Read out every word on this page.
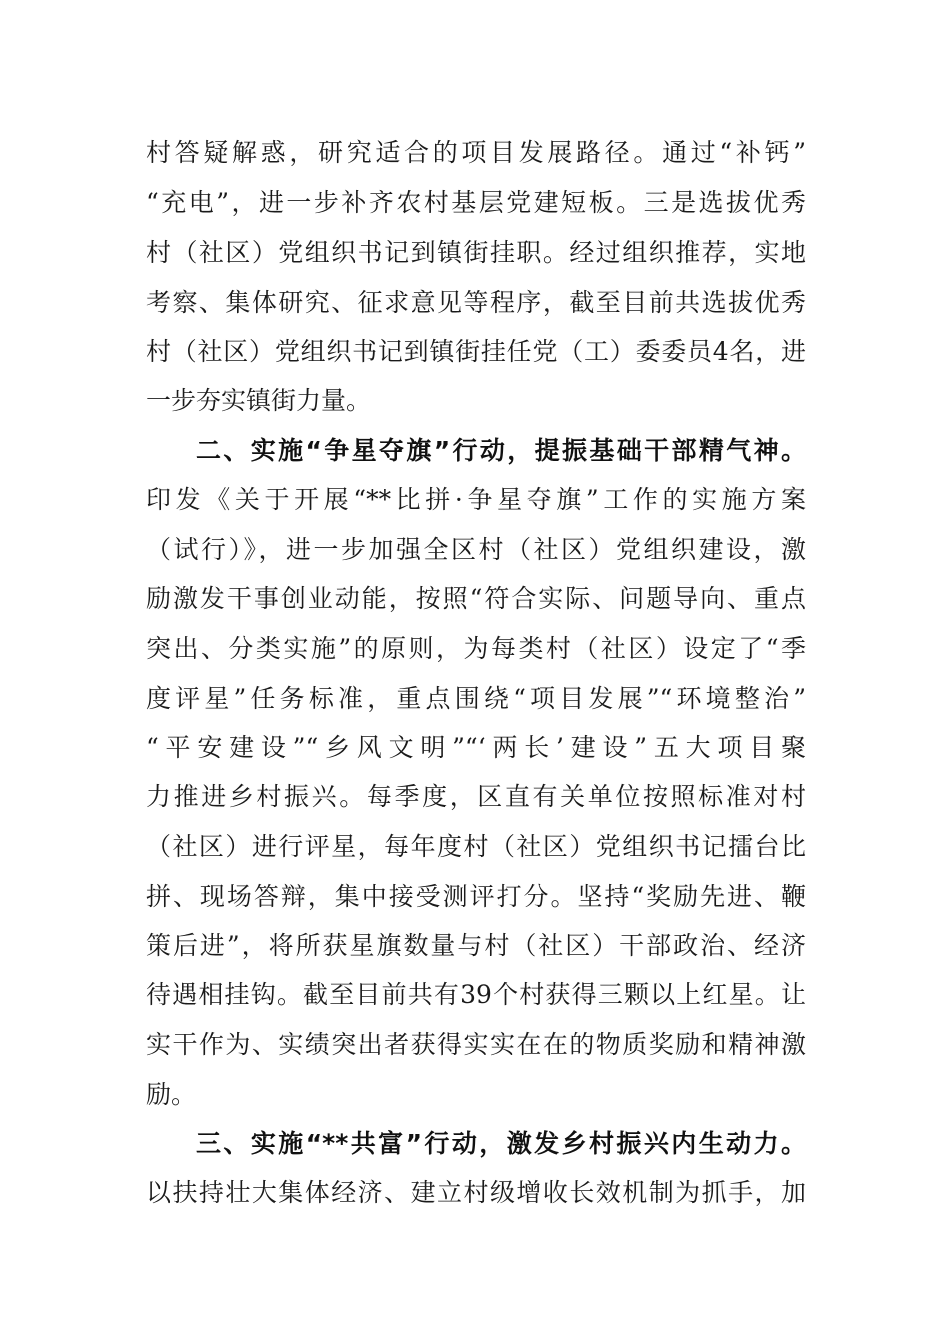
村答疑解惑，研究适合的项目发展路径。通过“补钙”
“充电”，进一步补齐农村基层党建短板。三是选拔优秀
村（社区）党组织书记到镇街挂职。经过组织推荐，实地
考察、集体研究、征求意见等程序，截至目前共选拔优秀
村（社区）党组织书记到镇街挂任党（工）委委员4名，进
一步夯实镇街力量。
二、实施“争星夺旗”行动，提振基础干部精气神。
印发《关于开展“**比拼·争星夺旗”工作的实施方案
（试行）》，进一步加强全区村（社区）党组织建设，激
励激发干事创业动能，按照“符合实际、问题导向、重点
突出、分类实施”的原则，为每类村（社区）设定了“季
度评星”任务标准，重点围绕“项目发展”“环境整治”
“平安建设”“乡风文明”“‘两长’建设”五大项目聚
力推进乡村振兴。每季度，区直有关单位按照标准对村
（社区）进行评星，每年度村（社区）党组织书记擂台比
拼、现场答辩，集中接受测评打分。坚持“奖励先进、鞭
策后进”，将所获星旗数量与村（社区）干部政治、经济
待遇相挂钩。截至目前共有39个村获得三颗以上红星。让
实干作为、实绩突出者获得实实在在的物质奖励和精神激
励。
三、实施“**共富”行动，激发乡村振兴内生动力。
以扶持壮大集体经济、建立村级增收长效机制为抓手，加
